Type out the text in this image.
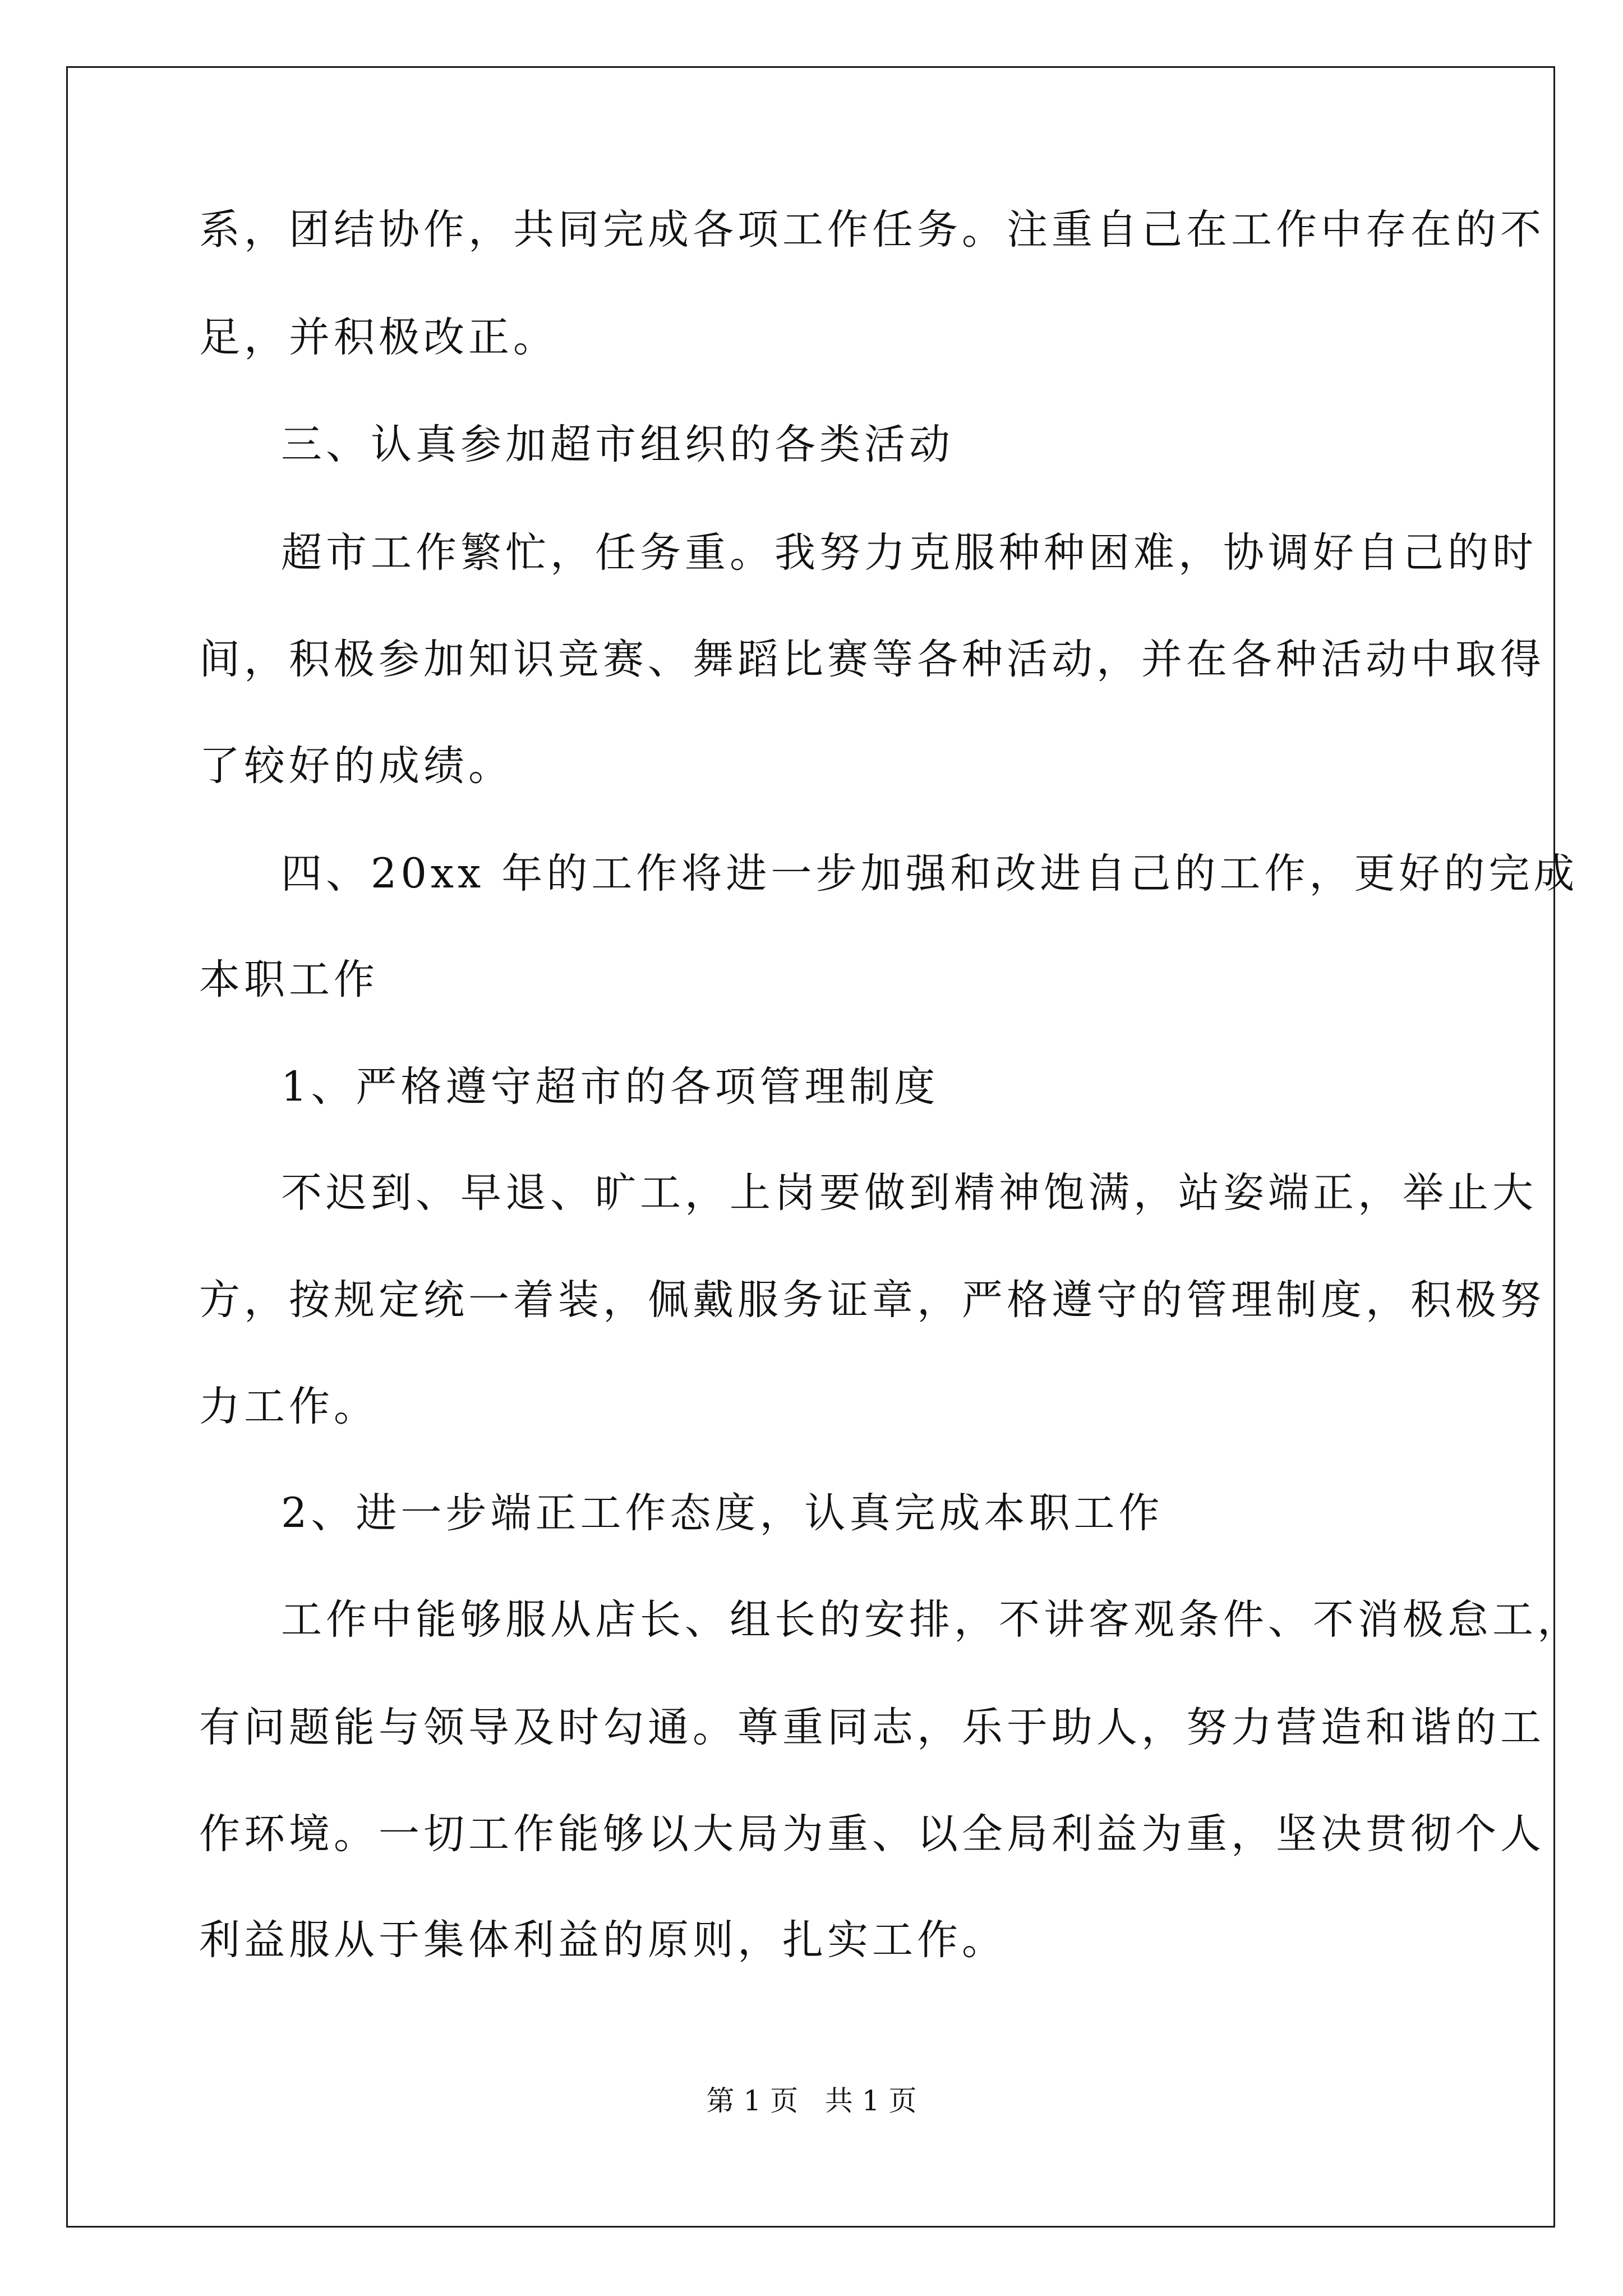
系，团结协作，共同完成各项工作任务。注重自己在工作中存在的不
足，并积极改正。
三、认真参加超市组织的各类活动
超市工作繁忙，任务重。我努力克服种种困难，协调好自己的时
间，积极参加知识竞赛、舞蹈比赛等各种活动，并在各种活动中取得
了较好的成绩。
四、20xx 年的工作将进一步加强和改进自己的工作，更好的完成
本职工作
1、严格遵守超市的各项管理制度
不迟到、早退、旷工，上岗要做到精神饱满，站姿端正，举止大
方，按规定统一着装，佩戴服务证章，严格遵守的管理制度，积极努
力工作。
2、进一步端正工作态度，认真完成本职工作
工作中能够服从店长、组长的安排，不讲客观条件、不消极怠工，
有问题能与领导及时勾通。尊重同志，乐于助人，努力营造和谐的工
作环境。一切工作能够以大局为重、以全局利益为重，坚决贯彻个人
利益服从于集体利益的原则，扎实工作。
第 1 页 共 1 页
